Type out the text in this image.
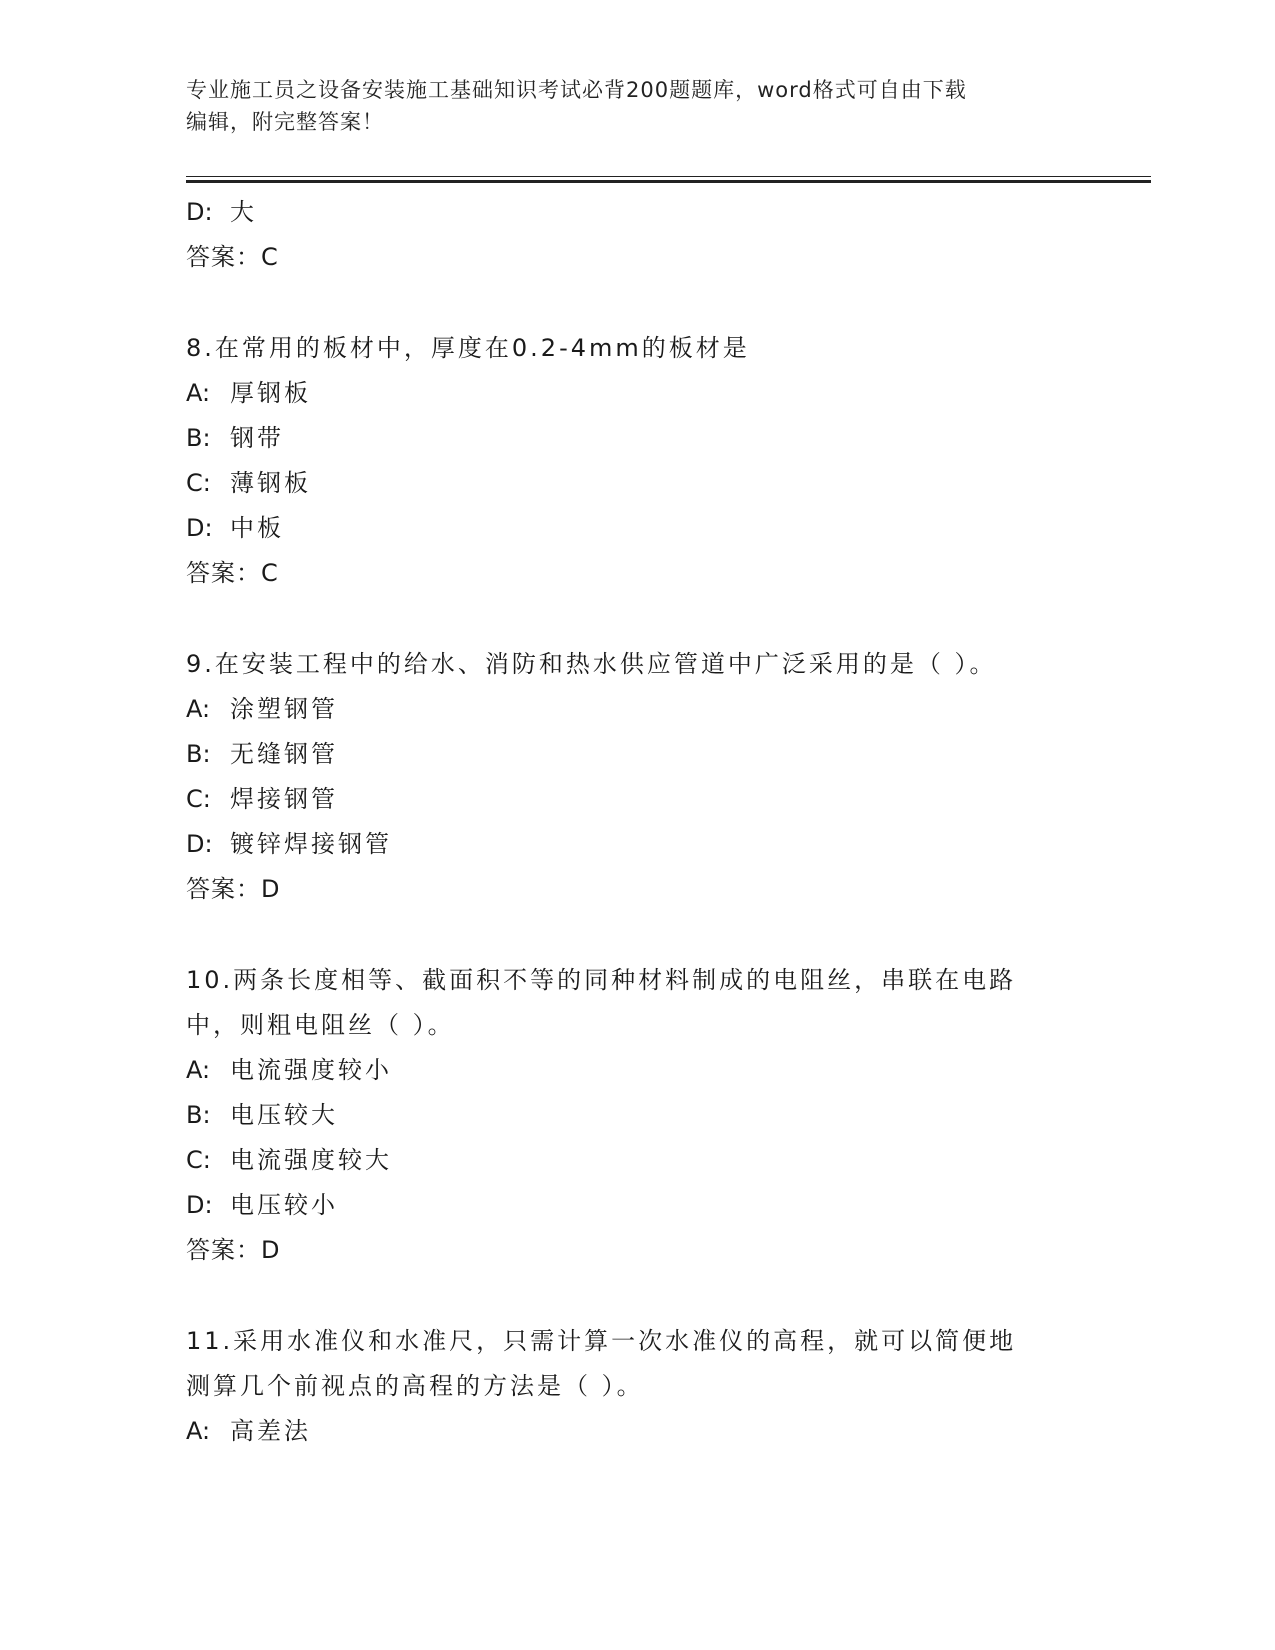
专业施工员之设备安装施工基础知识考试必背200题题库，word格式可自由下载
编辑，附完整答案！
D: 大
答案：C
8.在常用的板材中，厚度在0.2-4mm的板材是
A: 厚钢板
B: 钢带
C: 薄钢板
D: 中板
答案：C
9.在安装工程中的给水、消防和热水供应管道中广泛采用的是（ ）。
A: 涂塑钢管
B: 无缝钢管
C: 焊接钢管
D: 镀锌焊接钢管
答案：D
10.两条长度相等、截面积不等的同种材料制成的电阻丝，串联在电路
中，则粗电阻丝（ ）。
A: 电流强度较小
B: 电压较大
C: 电流强度较大
D: 电压较小
答案：D
11.采用水准仪和水准尺，只需计算一次水准仪的高程，就可以简便地
测算几个前视点的高程的方法是（ ）。
A: 高差法
